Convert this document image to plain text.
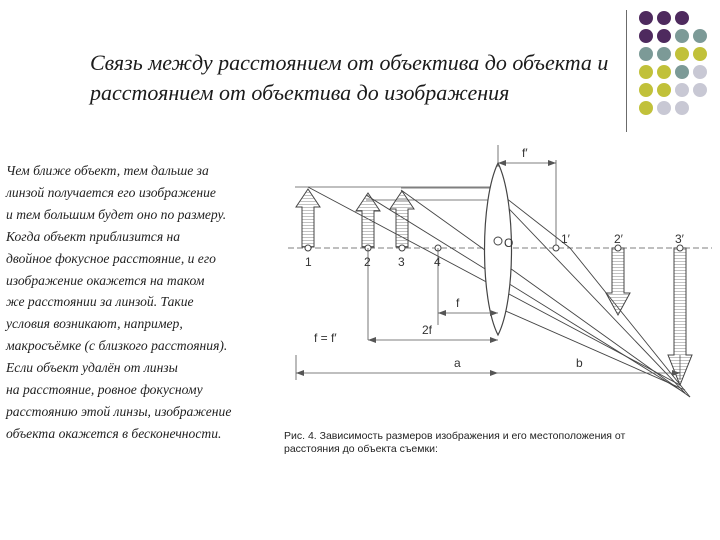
Связь между расстоянием от объектива до объекта и
расстоянием от объектива до изображения
Чем ближе объект, тем дальше за
линзой получается его изображение
и тем большим будет оно по размеру.
Когда объект приблизится на
двойное фокусное расстояние, и его
изображение окажется на таком
же расстоянии за линзой. Такие
условия возникают, например,
макросъёмке (с близкого расстояния).
Если объект удалён от линзы
на расстояние, ровное фокусному
расстоянию этой линзы, изображение
объекта окажется в бесконечности.
O
f′
1	2 3 4
1′	2′	3′
f
2f
f = f′
a	b
Рис. 4. Зависимость размеров изображения и его местоположения от
расстояния до объекта съемки:
